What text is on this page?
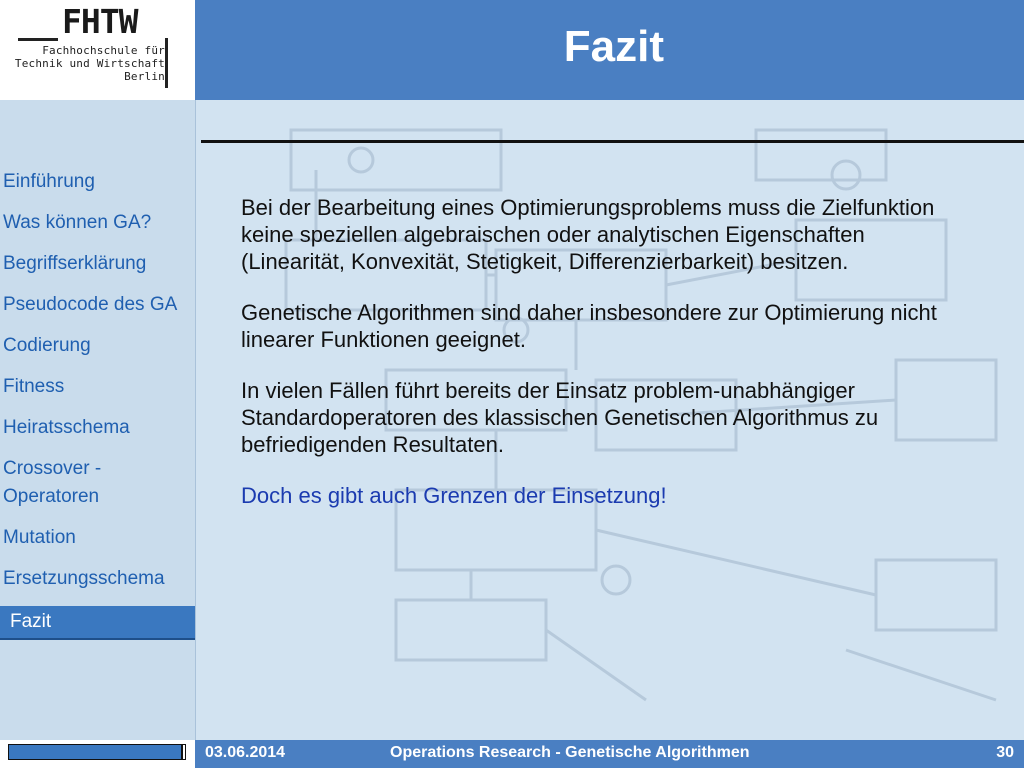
FHTW
Fachhochschule für
Technik und Wirtschaft
Berlin
Fazit
Einführung
Was können GA?
Begriffserklärung
Pseudocode des GA
Codierung
Fitness
Heiratsschema
Crossover - Operatoren
Mutation
Ersetzungsschema
Fazit

Bei der Bearbeitung eines Optimierungsproblems muss die Zielfunktion keine speziellen algebraischen oder analytischen Eigenschaften (Linearität, Konvexität, Stetigkeit, Differenzierbarkeit) besitzen.

Genetische Algorithmen sind daher insbesondere zur Optimierung nicht linearer Funktionen geeignet.

In vielen Fällen führt bereits der Einsatz problem-unabhängiger Standardoperatoren des klassischen Genetischen Algorithmus zu befriedigenden Resultaten.

Doch es gibt auch Grenzen der Einsetzung!

03.06.2014	Operations Research - Genetische Algorithmen	30
